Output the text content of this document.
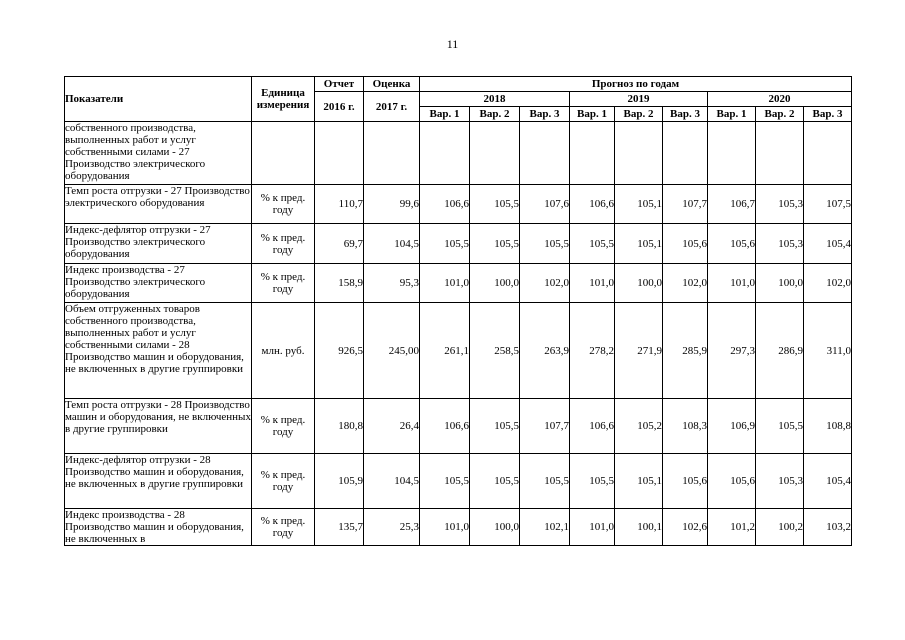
11
Показатели	Единица измерения	Отчет	Оценка	Прогноз по годам								
		2016 г.	2017 г.	2018			2019			2020		
				Вар. 1	Вар. 2	Вар. 3	Вар. 1	Вар. 2	Вар. 3	Вар. 1	Вар. 2	Вар. 3
собственного производства, выполненных работ и услуг собственными силами - 27 Производство электрического оборудования												
Темп роста отгрузки - 27 Производство электрического оборудования	% к пред. году	110,7	99,6	106,6	105,5	107,6	106,6	105,1	107,7	106,7	105,3	107,5
Индекс-дефлятор отгрузки - 27 Производство электрического оборудования	% к пред. году	69,7	104,5	105,5	105,5	105,5	105,5	105,1	105,6	105,6	105,3	105,4
Индекс производства - 27 Производство электрического оборудования	% к пред. году	158,9	95,3	101,0	100,0	102,0	101,0	100,0	102,0	101,0	100,0	102,0
Объем отгруженных товаров собственного производства, выполненных работ и услуг собственными силами - 28 Производство машин и оборудования, не включенных в другие группировки	млн. руб.	926,5	245,00	261,1	258,5	263,9	278,2	271,9	285,9	297,3	286,9	311,0
Темп роста отгрузки - 28 Производство машин и оборудования, не включенных в другие группировки	% к пред. году	180,8	26,4	106,6	105,5	107,7	106,6	105,2	108,3	106,9	105,5	108,8
Индекс-дефлятор отгрузки - 28 Производство машин и оборудования, не включенных в другие группировки	% к пред. году	105,9	104,5	105,5	105,5	105,5	105,5	105,1	105,6	105,6	105,3	105,4
Индекс производства - 28 Производство машин и оборудования, не включенных в	% к пред. году	135,7	25,3	101,0	100,0	102,1	101,0	100,1	102,6	101,2	100,2	103,2
